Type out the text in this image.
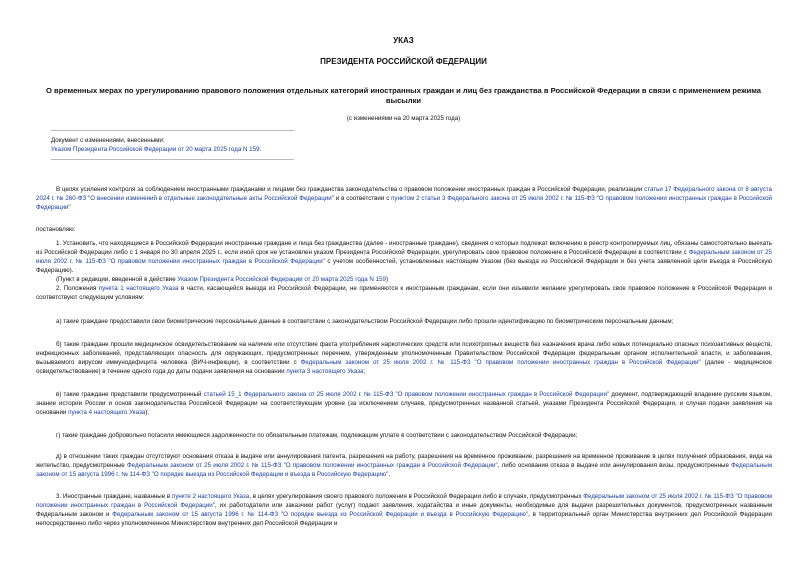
УКАЗ
ПРЕЗИДЕНТА РОССИЙСКОЙ ФЕДЕРАЦИИ
О временных мерах по урегулированию правового положения отдельных категорий иностранных граждан и лиц без гражданства в Российской Федерации в связи с применением режима высылки
(с изменениями на 20 марта 2025 года)
Документ с изменениями, внесенными:
Указом Президента Российской Федерации от 20 марта 2025 года N 159.
В целях усиления контроля за соблюдением иностранными гражданами и лицами без гражданства законодательства о правовом положении иностранных граждан в Российской Федерации, реализации статьи 17 Федерального закона от 8 августа 2024 г. № 260-ФЗ "О внесении изменений в отдельные законодательные акты Российской Федерации" и в соответствии с пунктом 2 статьи 3 Федерального закона от 25 июля 2002 г. № 115-ФЗ "О правовом положении иностранных граждан в Российской Федерации"
постановляю:
1. Установить, что находящиеся в Российской Федерации иностранные граждане и лица без гражданства (далее - иностранные граждане), сведения о которых подлежат включению в реестр контролируемых лиц, обязаны самостоятельно выехать из Российской Федерации либо с 1 января по 30 апреля 2025 г., если иной срок не установлен указом Президента Российской Федерации, урегулировать свое правовое положение в Российской Федерации в соответствии с Федеральным законом от 25 июля 2002 г. № 115-ФЗ "О правовом положении иностранных граждан в Российской Федерации" с учетом особенностей, установленных настоящим Указом (без выезда из Российской Федерации и без учета заявленной цели въезда в Российскую Федерацию).
(Пункт в редакции, введенной в действие Указом Президента Российской Федерации от 20 марта 2025 года N 159)
2. Положения пункта 1 настоящего Указа в части, касающейся выезда из Российской Федерации, не применяются к иностранным гражданам, если они изъявили желание урегулировать свое правовое положение в Российской Федерации и соответствуют следующим условиям:
а) такие граждане предоставили свои биометрические персональные данные в соответствии с законодательством Российской Федерации либо прошли идентификацию по биометрическим персональным данным;
б) такие граждане прошли медицинское освидетельствование на наличие или отсутствие факта употребления наркотических средств или психотропных веществ без назначения врача либо новых потенциально опасных психоактивных веществ, инфекционных заболеваний, представляющих опасность для окружающих, предусмотренных перечнем, утвержденным уполномоченным Правительством Российской Федерации федеральным органом исполнительной власти, и заболевания, вызываемого вирусом иммунодефицита человека (ВИЧ-инфекции), в соответствии с Федеральным законом от 25 июля 2002 г. № 115-ФЗ "О правовом положении иностранных граждан в Российской Федерации" (далее - медицинское освидетельствование) в течение одного года до даты подачи заявления на основании пункта 3 настоящего Указа;
в) такие граждане представили предусмотренный статьей 15_1 Федерального закона от 25 июля 2002 г. № 115-ФЗ "О правовом положении иностранных граждан в Российской Федерации" документ, подтверждающий владение русским языком, знание истории России и основ законодательства Российской Федерации на соответствующем уровне (за исключением случаев, предусмотренных названной статьей, указами Президента Российской Федерации, и случая подачи заявления на основании пункта 4 настоящего Указа);
г) такие граждане добровольно погасили имеющиеся задолженности по обязательным платежам, подлежащим уплате в соответствии с законодательством Российской Федерации;
д) в отношении таких граждан отсутствуют основания отказа в выдаче или аннулирования патента, разрешения на работу, разрешения на временное проживание, разрешения на временное проживание в целях получения образования, вида на жительство, предусмотренные Федеральным законом от 25 июля 2002 г. № 115-ФЗ "О правовом положении иностранных граждан в Российской Федерации", либо основания отказа в выдаче или аннулирования визы, предусмотренные Федеральным законом от 15 августа 1996 г. № 114-ФЗ "О порядке выезда из Российской Федерации и въезда в Российскую Федерацию".
3. Иностранные граждане, названные в пункте 2 настоящего Указа, в целях урегулирования своего правового положения в Российской Федерации либо в случаях, предусмотренных Федеральным законом от 25 июля 2002 г. № 115-ФЗ "О правовом положении иностранных граждан в Российской Федерации", их работодатели или заказчики работ (услуг) подают заявления, ходатайства и иные документы, необходимые для выдачи разрешительных документов, предусмотренных названным Федеральным законом и Федеральным законом от 15 августа 1996 г. № 114-ФЗ "О порядке выезда из Российской Федерации и въезда в Российскую Федерацию", в территориальный орган Министерства внутренних дел Российской Федерации непосредственно либо через уполномоченное Министерством внутренних дел Российской Федерации и
